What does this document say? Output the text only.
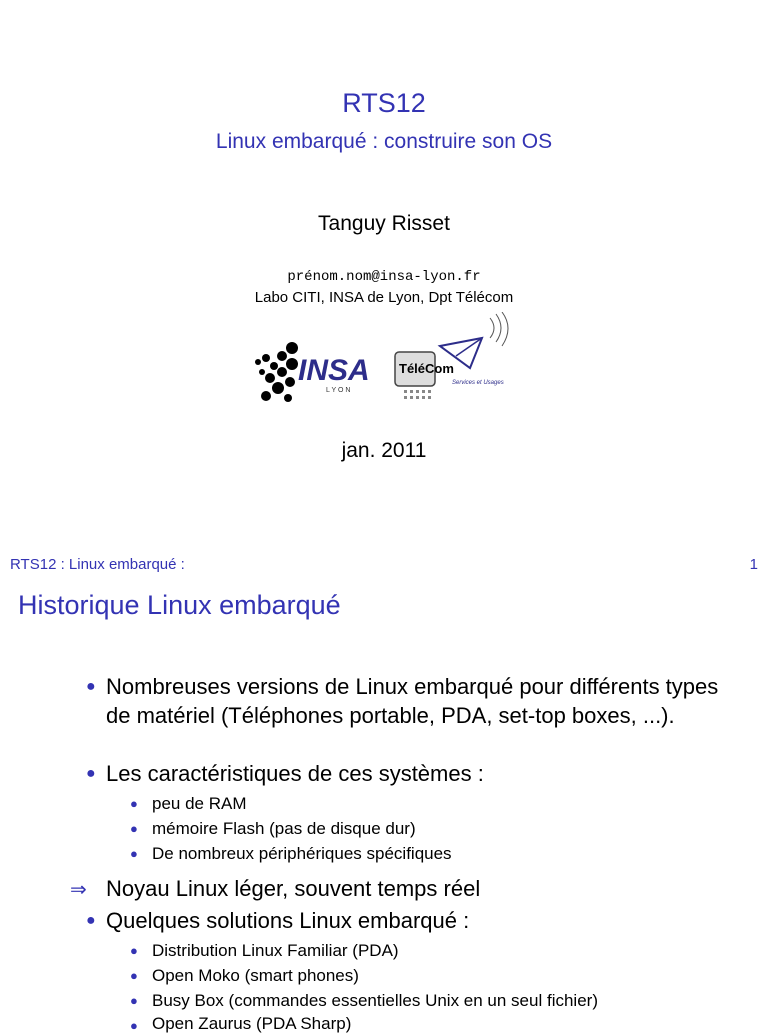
RTS12
Linux embarqué : construire son OS
Tanguy Risset
prénom.nom@insa-lyon.fr
Labo CITI, INSA de Lyon, Dpt Télécom
INSA
L Y O N
TéléCom
Services et Usages
jan. 2011
RTS12 : Linux embarqué :	1
Historique Linux embarqué
● Nombreuses versions de Linux embarqué pour différents types de matériel (Téléphones portable, PDA, set-top boxes, ...).
● Les caractéristiques de ces systèmes :
● peu de RAM
● mémoire Flash (pas de disque dur)
● De nombreux périphériques spécifiques
⇒ Noyau Linux léger, souvent temps réel
● Quelques solutions Linux embarqué :
● Distribution Linux Familiar (PDA)
● Open Moko (smart phones)
● Busy Box (commandes essentielles Unix en un seul fichier)
● Open Zaurus (PDA Sharp)
